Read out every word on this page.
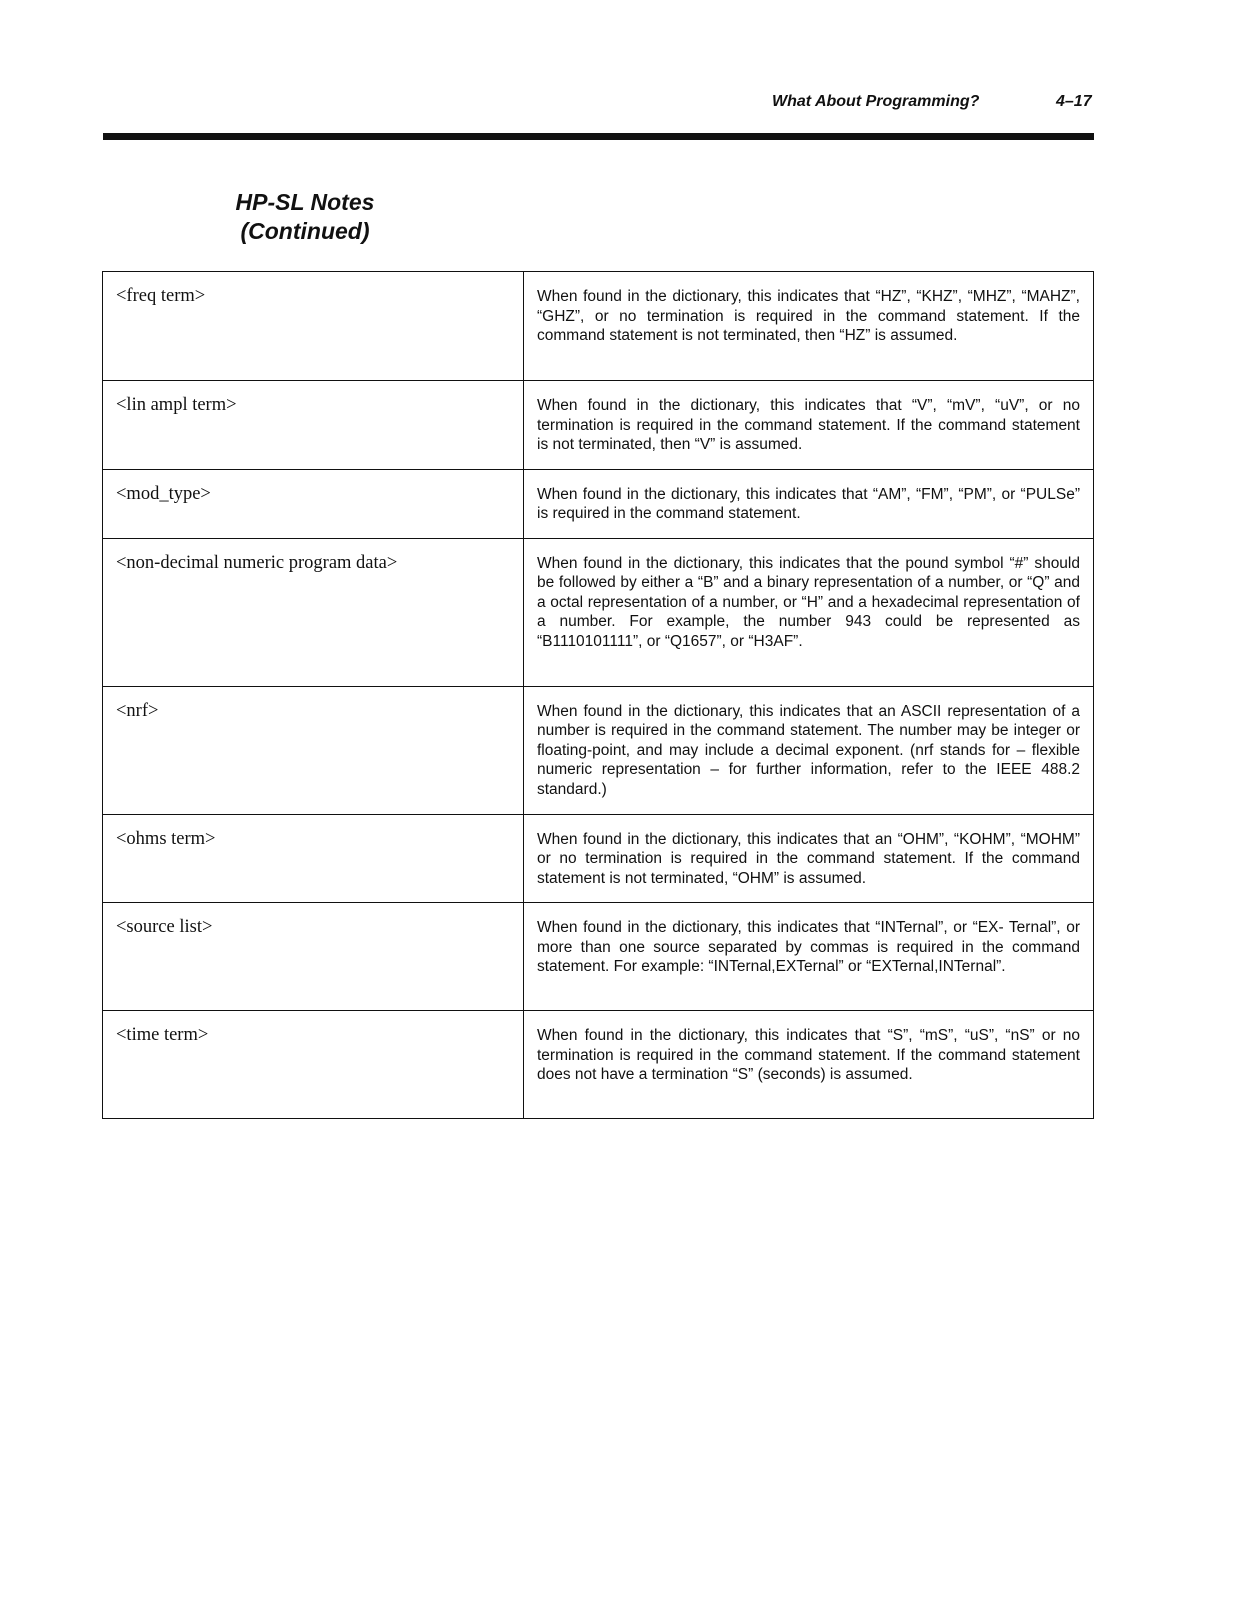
What About Programming?	4–17
HP-SL Notes
(Continued)
<freq term>	When found in the dictionary, this indicates that “HZ”, “KHZ”, “MHZ”, “MAHZ”, “GHZ”, or no termination is required in the command statement. If the command statement is not terminated, then “HZ” is assumed.
<lin ampl term>	When found in the dictionary, this indicates that “V”, “mV”, “uV”, or no termination is required in the command statement. If the command statement is not terminated, then “V” is assumed.
<mod_type>	When found in the dictionary, this indicates that “AM”, “FM”, “PM”, or “PULSe” is required in the command statement.
<non-decimal numeric program data>	When found in the dictionary, this indicates that the pound symbol “#” should be followed by either a “B” and a binary representation of a number, or “Q” and a octal representation of a number, or “H” and a hexadecimal representation of a number. For example, the number 943 could be represented as “B1110101111”, or “Q1657”, or “H3AF”.
<nrf>	When found in the dictionary, this indicates that an ASCII representation of a number is required in the command statement. The number may be integer or floating-point, and may include a decimal exponent. (nrf stands for – flexible numeric representation – for further information, refer to the IEEE 488.2 standard.)
<ohms term>	When found in the dictionary, this indicates that an “OHM”, “KOHM”, “MOHM” or no termination is required in the command statement. If the command statement is not terminated, “OHM” is assumed.
<source list>	When found in the dictionary, this indicates that “INTernal”, or “EX- Ternal”, or more than one source separated by commas is required in the command statement. For example: “INTernal,EXTernal” or “EXTernal,INTernal”.
<time term>	When found in the dictionary, this indicates that “S”, “mS”, “uS”, “nS” or no termination is required in the command statement. If the command statement does not have a termination “S” (seconds) is assumed.
